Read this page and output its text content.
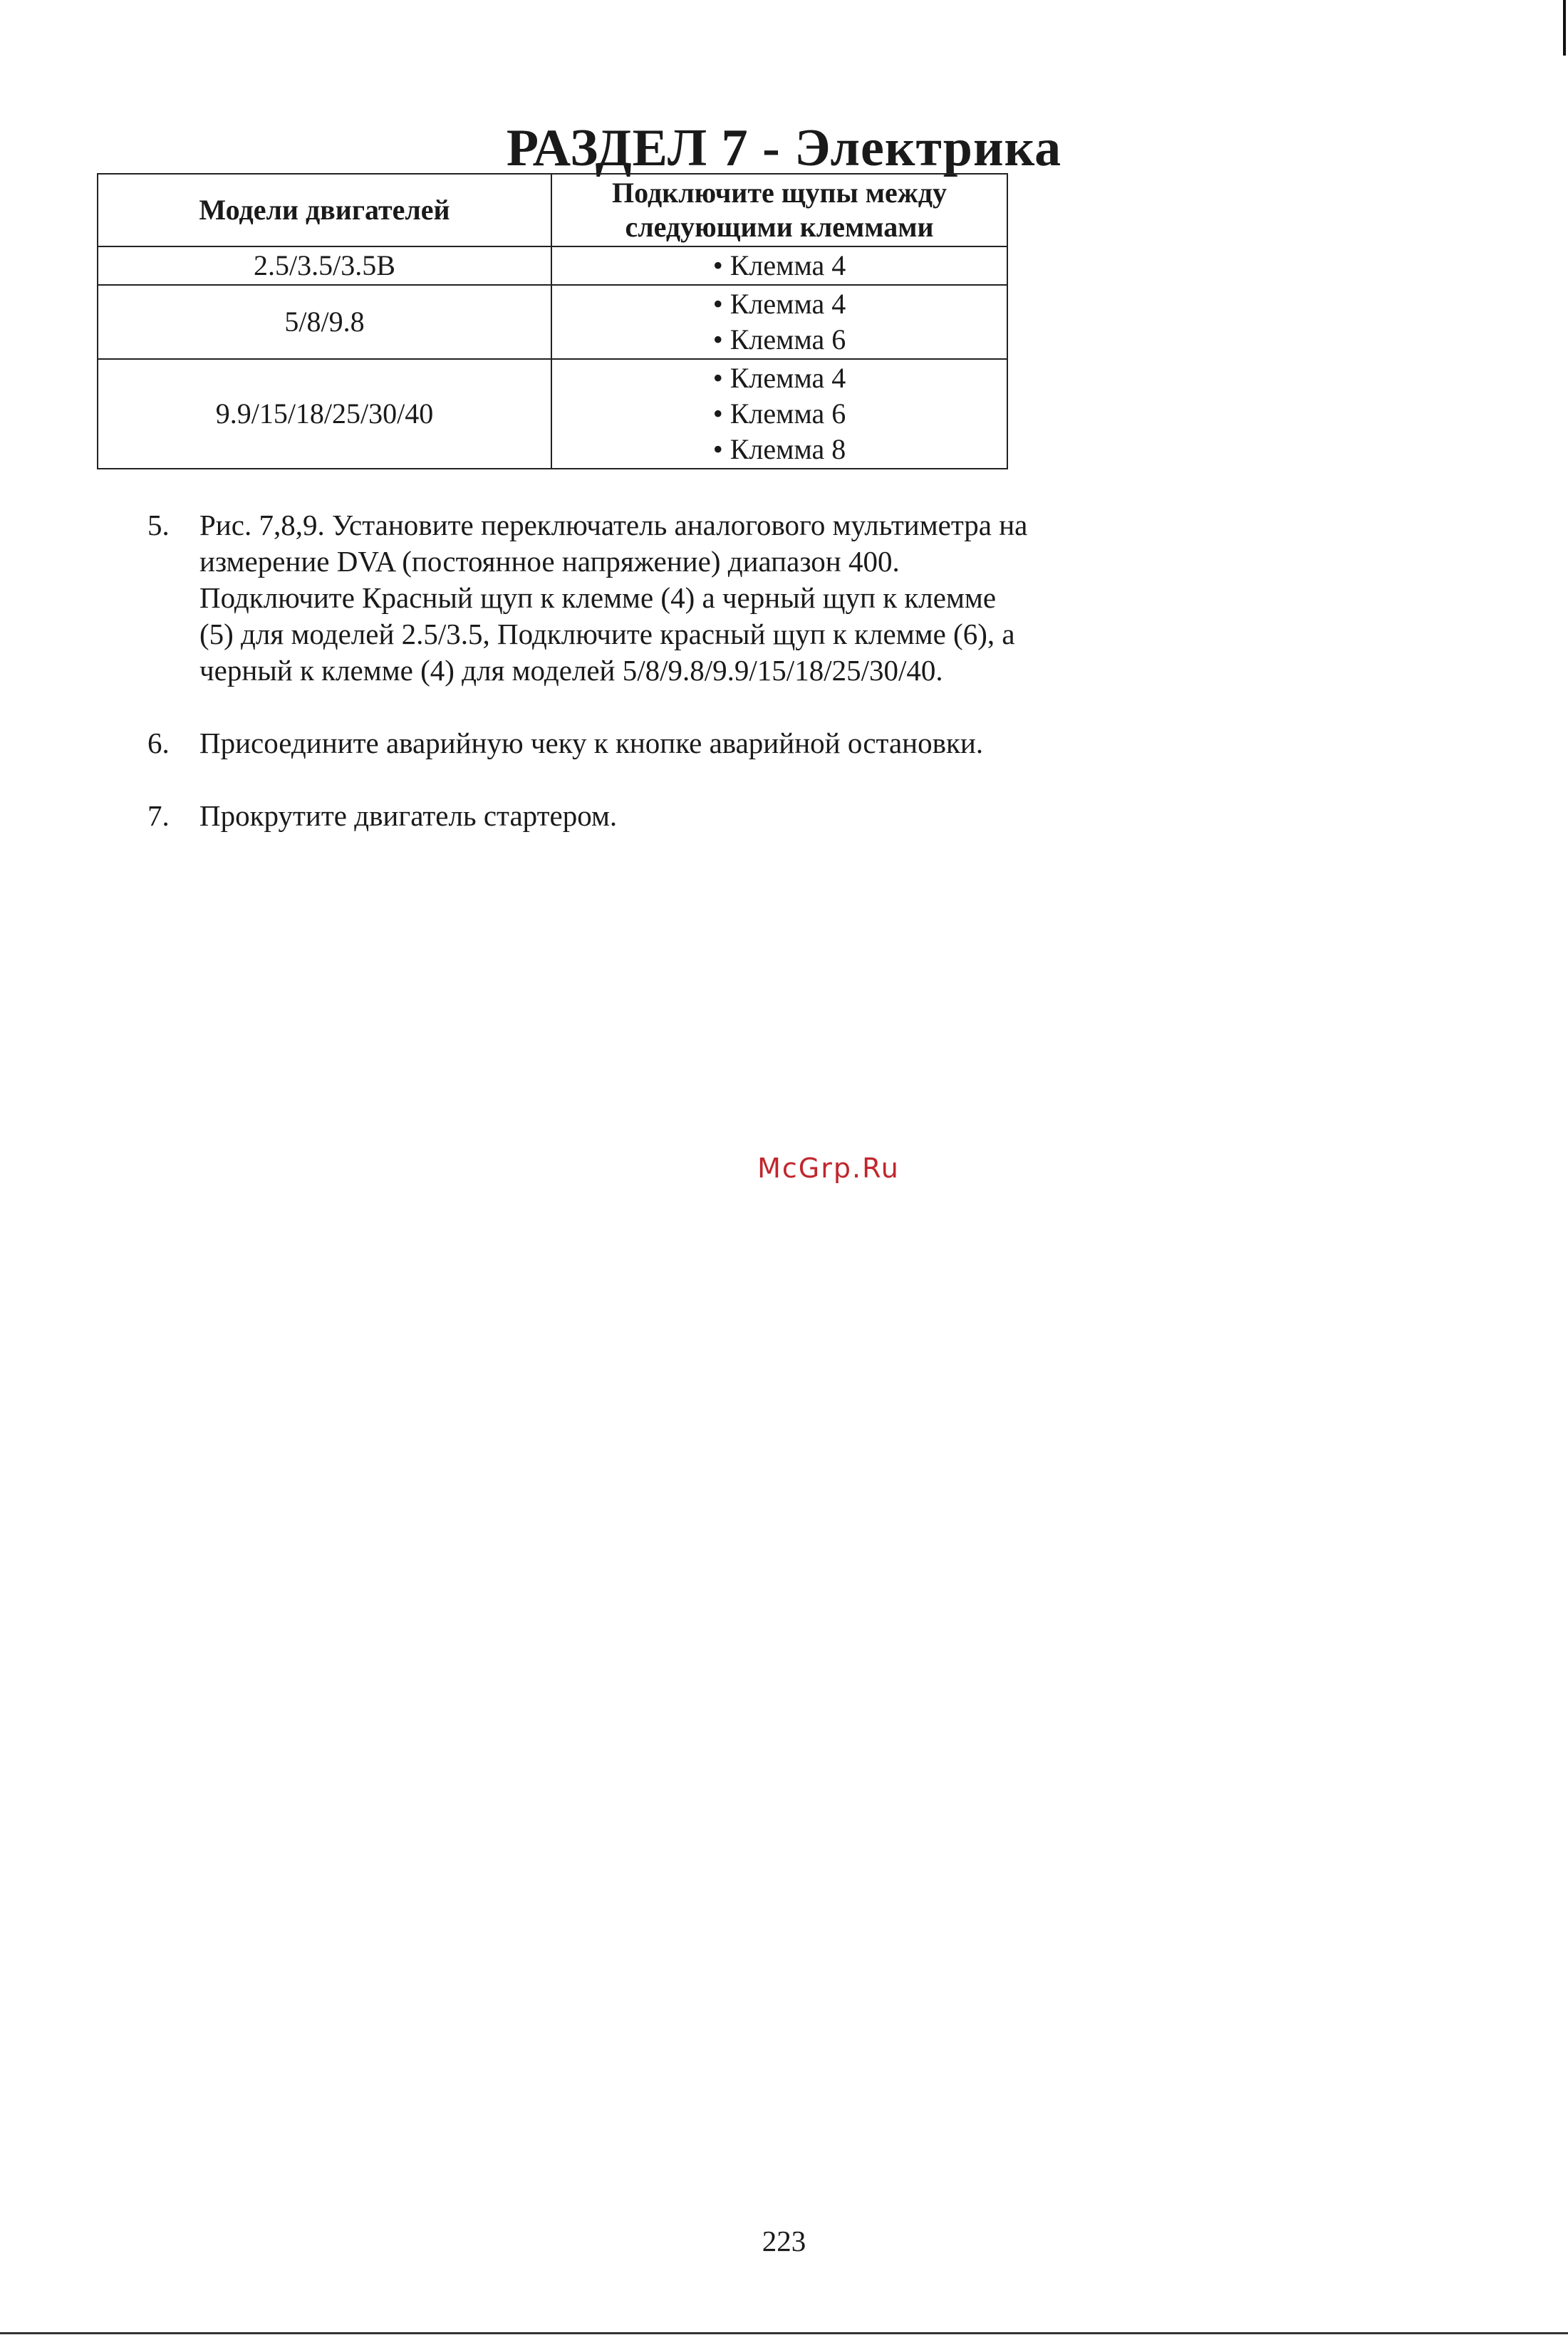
РАЗДЕЛ 7 - Электрика
Модели двигателей	Подключите щупы между следующими клеммами
2.5/3.5/3.5B	• Клемма 4

5/8/9.8	• Клемма 4
• Клемма 6

9.9/15/18/25/30/40	• Клемма 4
• Клемма 6
• Клемма 8
5. Рис. 7,8,9. Установите переключатель аналогового мультиметра на измерение DVA (постоянное напряжение) диапазон 400. Подключите Красный щуп к клемме (4) а черный щуп к клемме (5) для моделей 2.5/3.5, Подключите красный щуп к клемме (6), а черный к клемме (4) для моделей 5/8/9.8/9.9/15/18/25/30/40.
6. Присоедините аварийную чеку к кнопке аварийной остановки.
7. Прокрутите двигатель стартером.
McGrp.Ru
223
